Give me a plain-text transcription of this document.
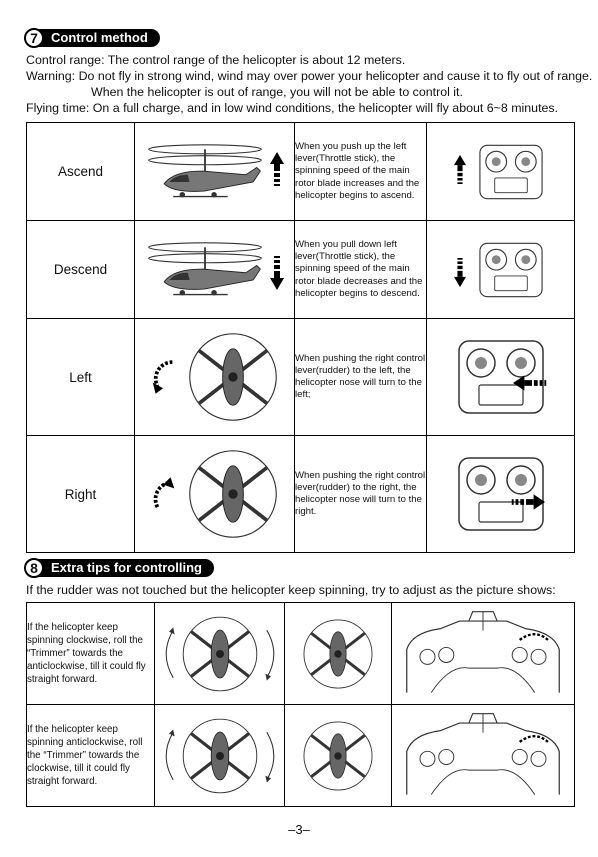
7	Control method
Control range: The control range of the helicopter is about 12 meters.
Warning: Do not fly in strong wind, wind may over power your helicopter and cause it to fly out of range.
When the helicopter is out of range, you will not be able to control it.
Flying time: On a full charge, and in low wind conditions, the helicopter will fly about 6~8 minutes.
Ascend		When you push up the left lever(Throttle stick), the spinning speed of the main rotor blade increases and the helicopter begins to ascend.	

Descend		When you pull down left lever(Throttle stick), the spinning speed of the main rotor blade decreases and the helicopter begins to descend.	

Left		When pushing the right control lever(rudder) to the left, the helicopter nose will turn to the left;	

Right		When pushing the right control lever(rudder) to the right, the helicopter nose will turn to the right.	
8	Extra tips for controlling
If the rudder was not touched but the helicopter keep spinning, try to adjust as the picture shows:
If the helicopter keep spinning clockwise, roll the “Trimmer” towards the anticlockwise, till it could fly straight forward.	

If the helicopter keep spinning anticlockwise, roll the “Trimmer” towards the clockwise, till it could fly straight forward.	

–3–
